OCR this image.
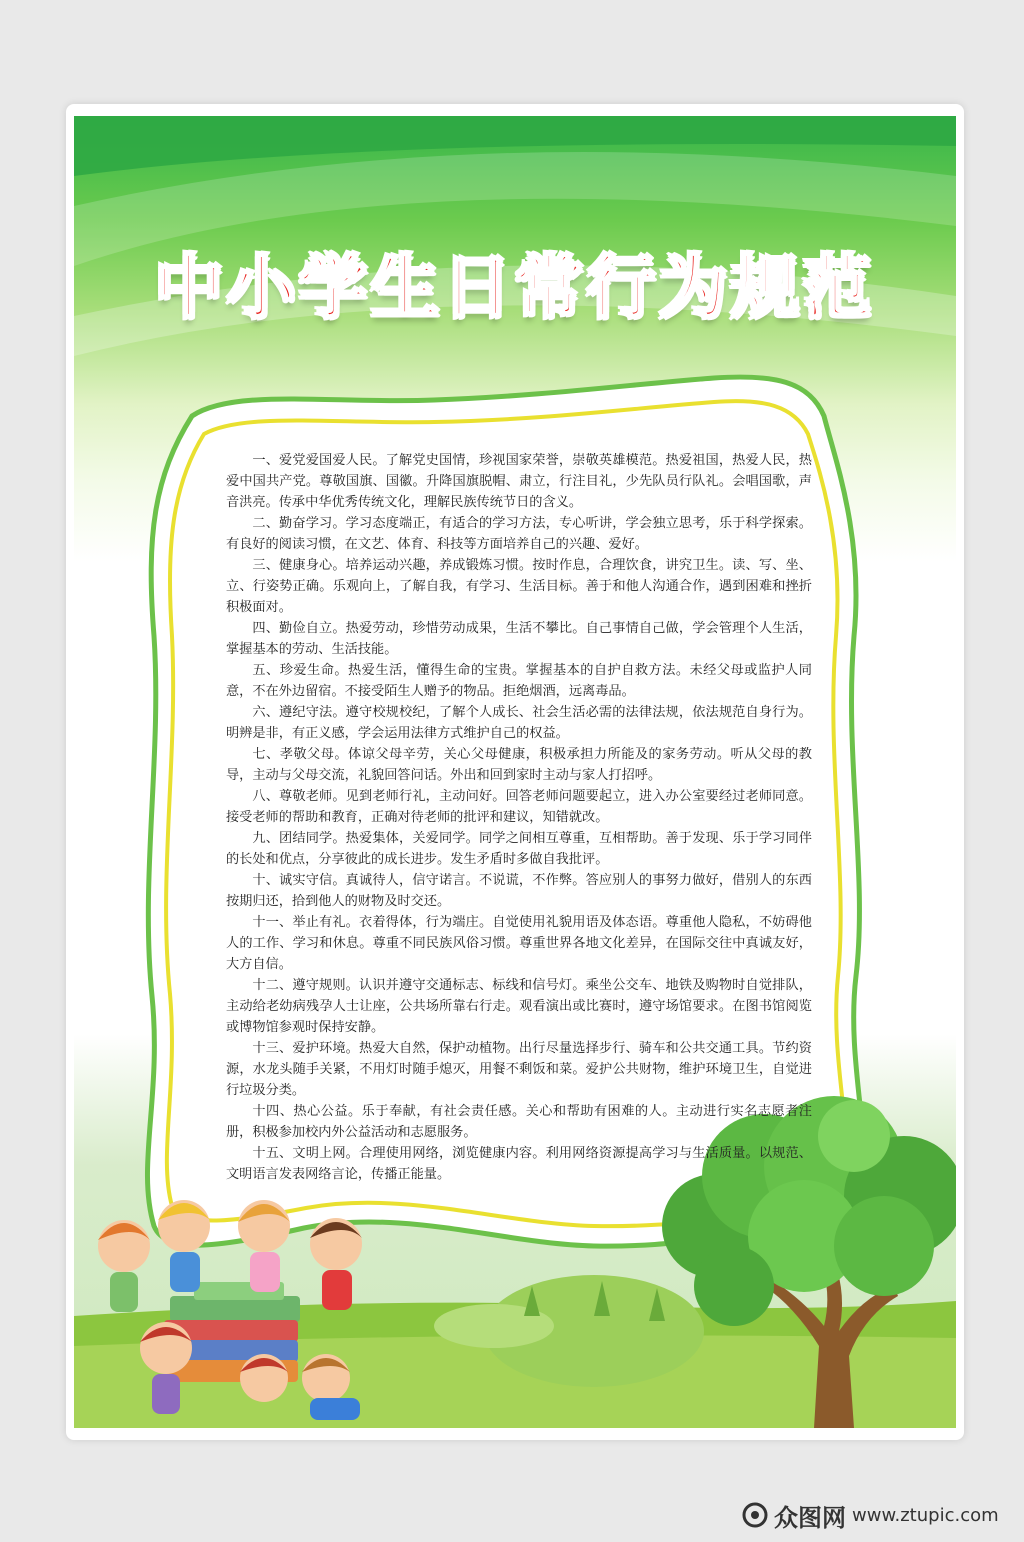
中小学生日常行为规范

一、爱党爱国爱人民。了解党史国情，珍视国家荣誉，崇敬英雄模范。热爱祖国，热爱人民，热爱中国共产党。尊敬国旗、国徽。升降国旗脱帽、肃立，行注目礼，少先队员行队礼。会唱国歌，声音洪亮。传承中华优秀传统文化，理解民族传统节日的含义。

二、勤奋学习。学习态度端正，有适合的学习方法，专心听讲，学会独立思考，乐于科学探索。有良好的阅读习惯，在文艺、体育、科技等方面培养自己的兴趣、爱好。

三、健康身心。培养运动兴趣，养成锻炼习惯。按时作息，合理饮食，讲究卫生。读、写、坐、立、行姿势正确。乐观向上，了解自我，有学习、生活目标。善于和他人沟通合作，遇到困难和挫折积极面对。

四、勤俭自立。热爱劳动，珍惜劳动成果，生活不攀比。自己事情自己做，学会管理个人生活，掌握基本的劳动、生活技能。

五、珍爱生命。热爱生活，懂得生命的宝贵。掌握基本的自护自救方法。未经父母或监护人同意，不在外边留宿。不接受陌生人赠予的物品。拒绝烟酒，远离毒品。

六、遵纪守法。遵守校规校纪，了解个人成长、社会生活必需的法律法规，依法规范自身行为。明辨是非，有正义感，学会运用法律方式维护自己的权益。

七、孝敬父母。体谅父母辛劳，关心父母健康，积极承担力所能及的家务劳动。听从父母的教导，主动与父母交流，礼貌回答问话。外出和回到家时主动与家人打招呼。

八、尊敬老师。见到老师行礼，主动问好。回答老师问题要起立，进入办公室要经过老师同意。接受老师的帮助和教育，正确对待老师的批评和建议，知错就改。

九、团结同学。热爱集体，关爱同学。同学之间相互尊重，互相帮助。善于发现、乐于学习同伴的长处和优点，分享彼此的成长进步。发生矛盾时多做自我批评。

十、诚实守信。真诚待人，信守诺言。不说谎，不作弊。答应别人的事努力做好，借别人的东西按期归还，拾到他人的财物及时交还。

十一、举止有礼。衣着得体，行为端庄。自觉使用礼貌用语及体态语。尊重他人隐私，不妨碍他人的工作、学习和休息。尊重不同民族风俗习惯。尊重世界各地文化差异，在国际交往中真诚友好，大方自信。

十二、遵守规则。认识并遵守交通标志、标线和信号灯。乘坐公交车、地铁及购物时自觉排队，主动给老幼病残孕人士让座，公共场所靠右行走。观看演出或比赛时，遵守场馆要求。在图书馆阅览或博物馆参观时保持安静。

十三、爱护环境。热爱大自然，保护动植物。出行尽量选择步行、骑车和公共交通工具。节约资源，水龙头随手关紧，不用灯时随手熄灭，用餐不剩饭和菜。爱护公共财物，维护环境卫生，自觉进行垃圾分类。

十四、热心公益。乐于奉献，有社会责任感。关心和帮助有困难的人。主动进行实名志愿者注册，积极参加校内外公益活动和志愿服务。

十五、文明上网。合理使用网络，浏览健康内容。利用网络资源提高学习与生活质量。以规范、文明语言发表网络言论，传播正能量。

众图网 www.ztupic.com
